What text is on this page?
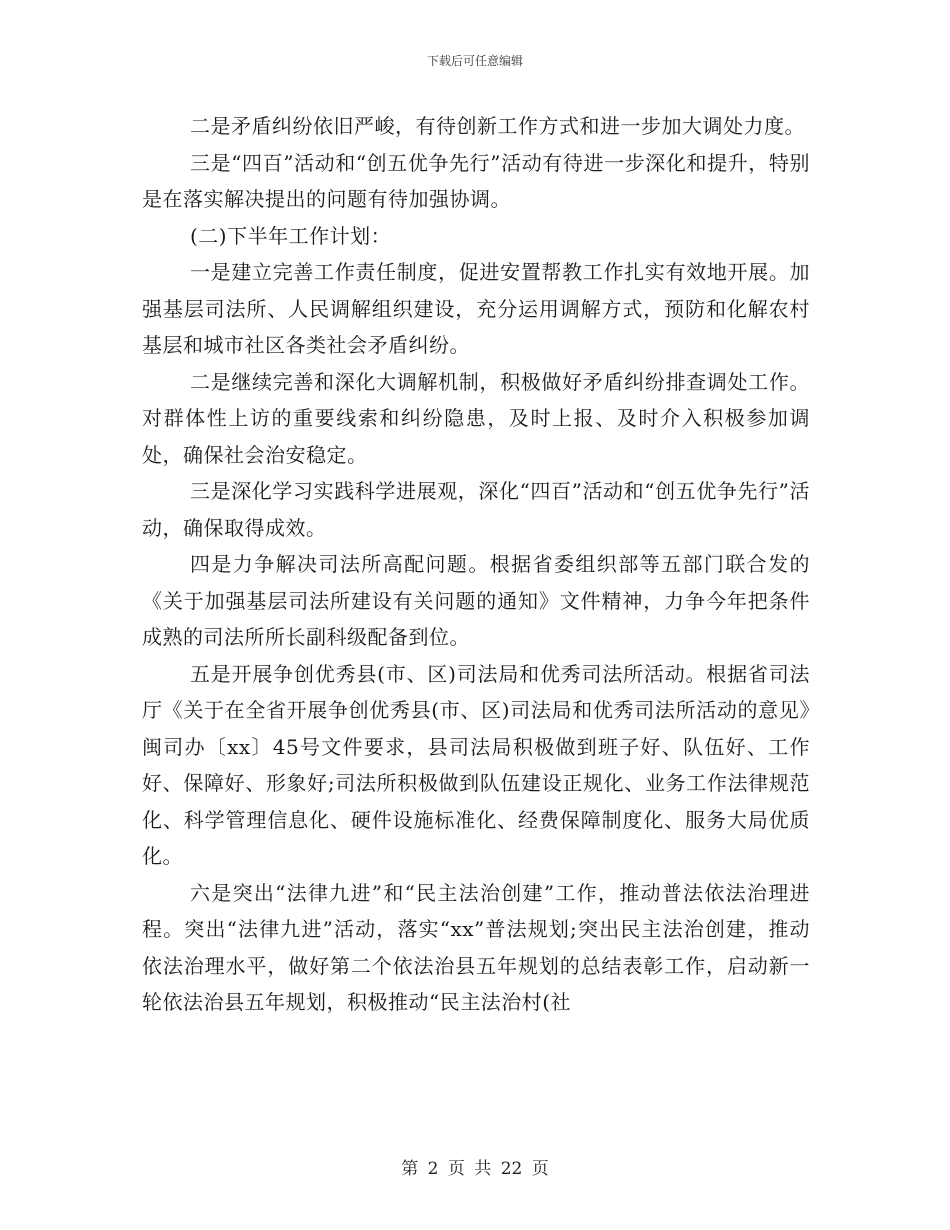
下载后可任意编辑

二是矛盾纠纷依旧严峻，有待创新工作方式和进一步加大调处力度。

三是“四百”活动和“创五优争先行”活动有待进一步深化和提升，特别是在落实解决提出的问题有待加强协调。

(二)下半年工作计划：

一是建立完善工作责任制度，促进安置帮教工作扎实有效地开展。加强基层司法所、人民调解组织建设，充分运用调解方式，预防和化解农村基层和城市社区各类社会矛盾纠纷。

二是继续完善和深化大调解机制，积极做好矛盾纠纷排查调处工作。对群体性上访的重要线索和纠纷隐患，及时上报、及时介入积极参加调处，确保社会治安稳定。

三是深化学习实践科学进展观，深化“四百”活动和“创五优争先行”活动，确保取得成效。

四是力争解决司法所高配问题。根据省委组织部等五部门联合发的《关于加强基层司法所建设有关问题的通知》文件精神，力争今年把条件成熟的司法所所长副科级配备到位。

五是开展争创优秀县(市、区)司法局和优秀司法所活动。根据省司法厅《关于在全省开展争创优秀县(市、区)司法局和优秀司法所活动的意见》闽司办〔xx〕45号文件要求，县司法局积极做到班子好、队伍好、工作好、保障好、形象好;司法所积极做到队伍建设正规化、业务工作法律规范化、科学管理信息化、硬件设施标准化、经费保障制度化、服务大局优质化。

六是突出“法律九进”和“民主法治创建”工作，推动普法依法治理进程。突出“法律九进”活动，落实“xx”普法规划;突出民主法治创建，推动依法治理水平，做好第二个依法治县五年规划的总结表彰工作，启动新一轮依法治县五年规划，积极推动“民主法治村(社

第 2 页 共 22 页
